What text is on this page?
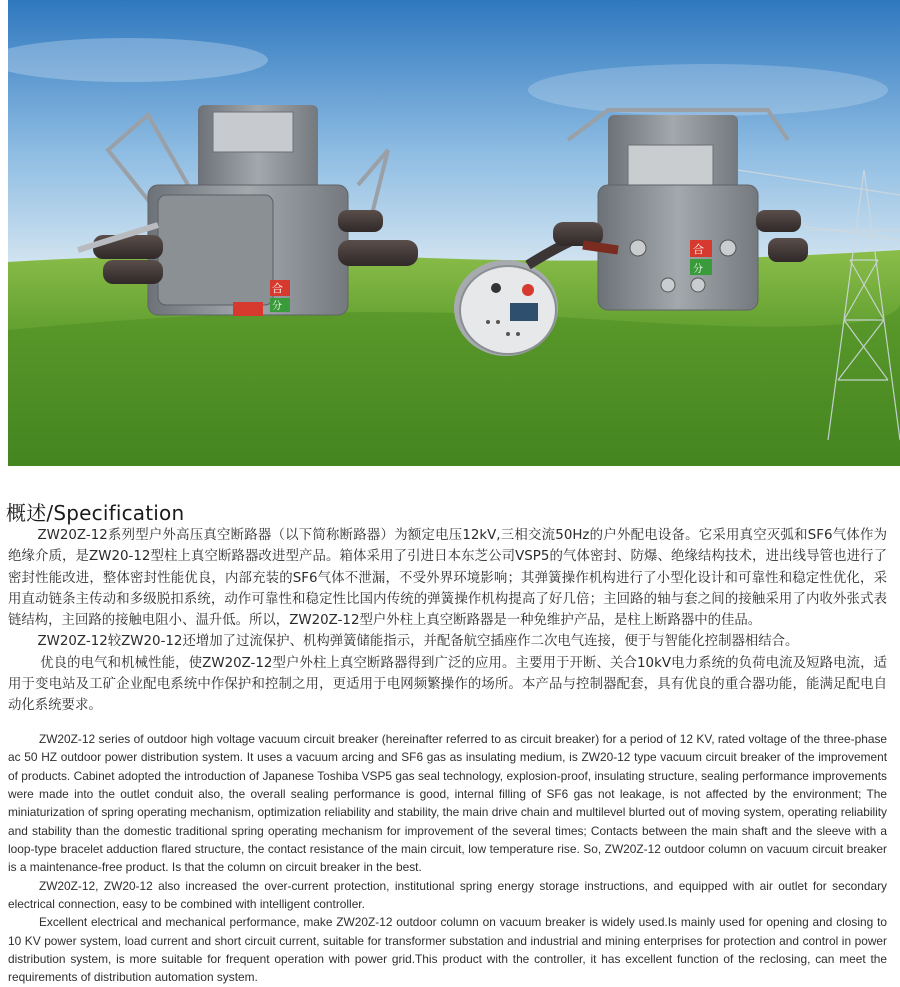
合
分
合
分
概述/Specification

ZW20Z-12系列型户外高压真空断路器（以下简称断路器）为额定电压12kV,三相交流50Hz的户外配电设备。它采用真空灭弧和SF6气体作为绝缘介质，是ZW20-12型柱上真空断路器改进型产品。箱体采用了引进日本东芝公司VSP5的气体密封、防爆、绝缘结构技术，进出线导管也进行了密封性能改进，整体密封性能优良，内部充装的SF6气体不泄漏，不受外界环境影响；其弹簧操作机构进行了小型化设计和可靠性和稳定性优化，采用直动链条主传动和多级脱扣系统，动作可靠性和稳定性比国内传统的弹簧操作机构提高了好几倍；主回路的轴与套之间的接触采用了内收外张式表链结构，主回路的接触电阻小、温升低。所以，ZW20Z-12型户外柱上真空断路器是一种免维护产品，是柱上断路器中的佳品。

ZW20Z-12较ZW20-12还增加了过流保护、机构弹簧储能指示，并配备航空插座作二次电气连接，便于与智能化控制器相结合。

优良的电气和机械性能，使ZW20Z-12型户外柱上真空断路器得到广泛的应用。主要用于开断、关合10kV电力系统的负荷电流及短路电流，适用于变电站及工矿企业配电系统中作保护和控制之用，更适用于电网频繁操作的场所。本产品与控制器配套，具有优良的重合器功能，能满足配电自动化系统要求。

ZW20Z-12 series of outdoor high voltage vacuum circuit breaker (hereinafter referred to as circuit breaker) for a period of 12 KV, rated voltage of the three-phase ac 50 HZ outdoor power distribution system. It uses a vacuum arcing and SF6 gas as insulating medium, is ZW20-12 type vacuum circuit breaker of the improvement of products. Cabinet adopted the introduction of Japanese Toshiba VSP5 gas seal technology, explosion-proof, insulating structure, sealing performance improvements were made into the outlet conduit also, the overall sealing performance is good, internal filling of SF6 gas not leakage, is not affected by the environment; The miniaturization of spring operating mechanism, optimization reliability and stability, the main drive chain and multilevel blurted out of moving system, operating reliability and stability than the domestic traditional spring operating mechanism for improvement of the several times; Contacts between the main shaft and the sleeve with a loop-type bracelet adduction flared structure, the contact resistance of the main circuit, low temperature rise. So, ZW20Z-12 outdoor column on vacuum circuit breaker is a maintenance-free product. Is that the column on circuit breaker in the best.

ZW20Z-12, ZW20-12 also increased the over-current protection, institutional spring energy storage instructions, and equipped with air outlet for secondary electrical connection, easy to be combined with intelligent controller.

Excellent electrical and mechanical performance, make ZW20Z-12 outdoor column on vacuum breaker is widely used.Is mainly used for opening and closing to 10 KV power system, load current and short circuit current, suitable for transformer substation and industrial and mining enterprises for protection and control in power distribution system, is more suitable for frequent operation with power grid.This product with the controller, it has excellent function of the reclosing, can meet the requirements of distribution automation system.
